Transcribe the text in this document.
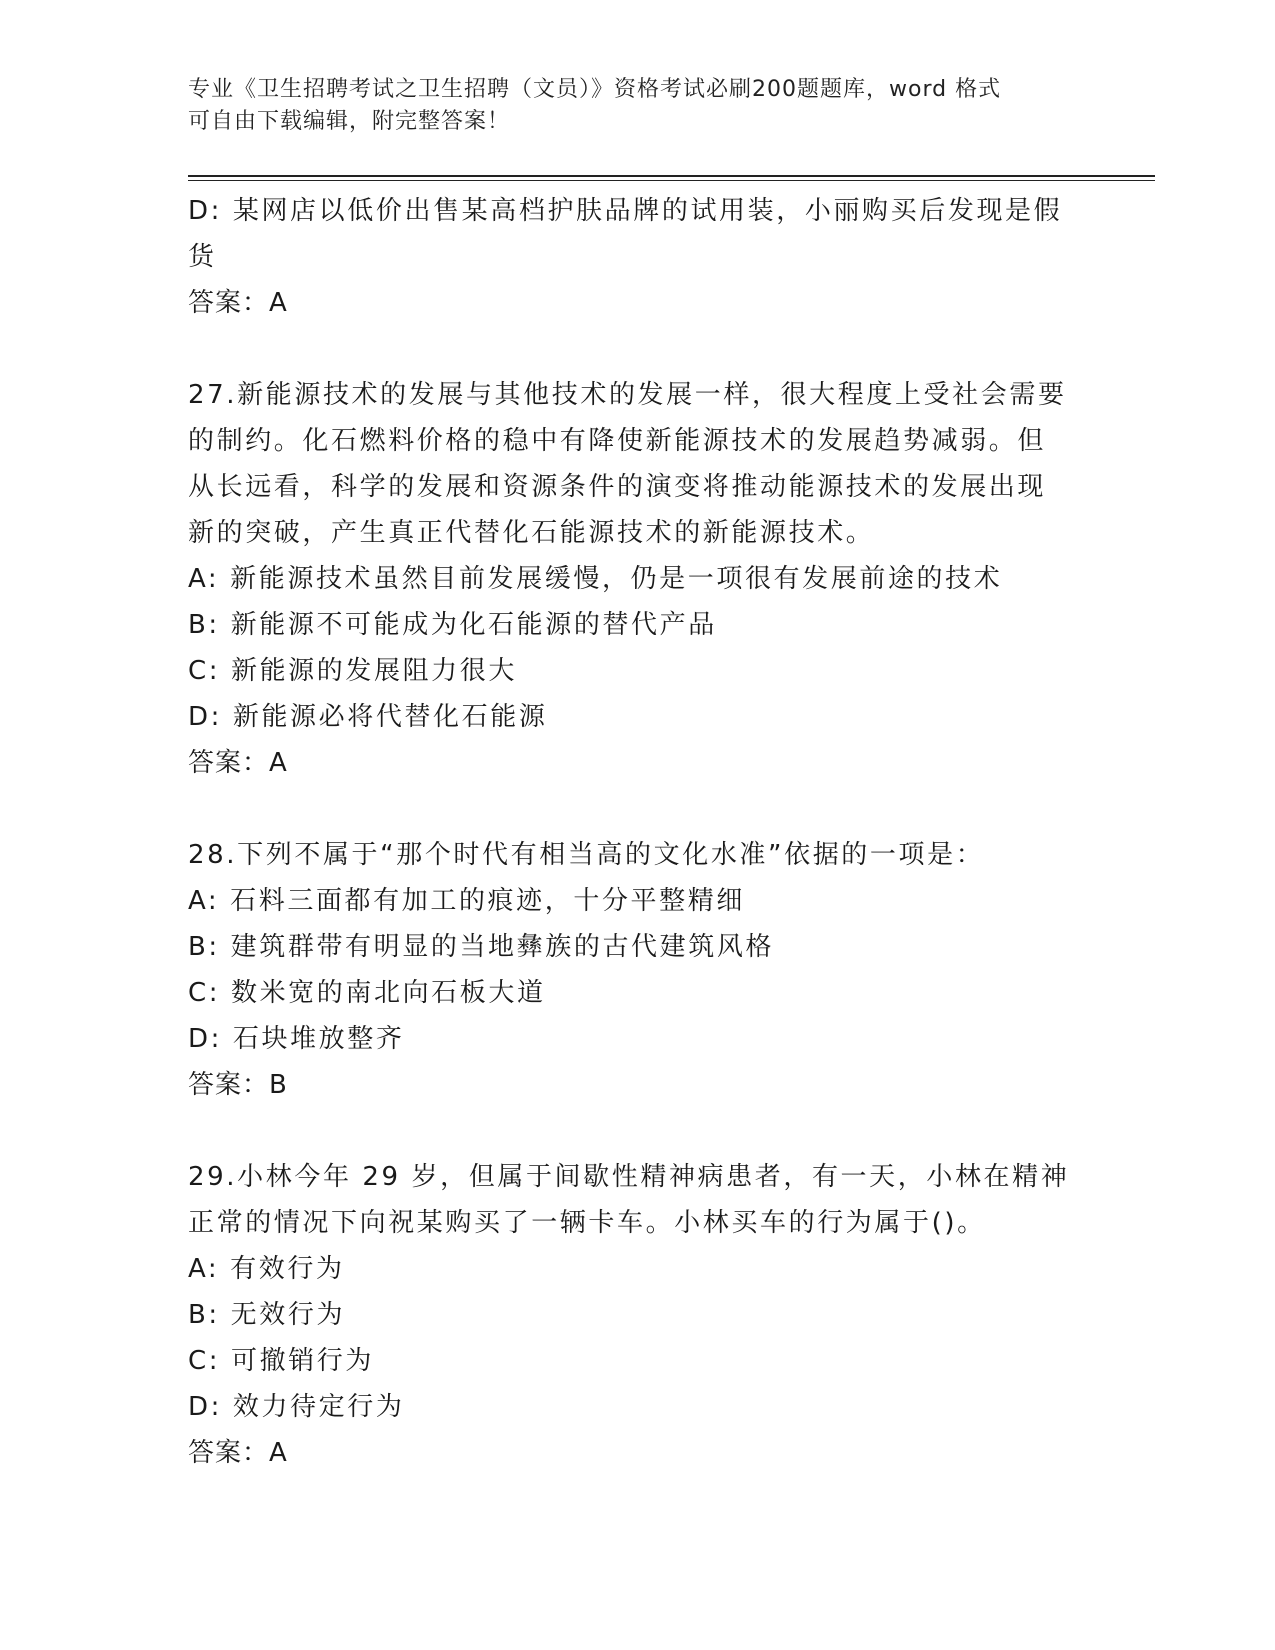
专业《卫生招聘考试之卫生招聘（文员）》资格考试必刷200题题库，word 格式
可自由下载编辑，附完整答案！

D: 某网店以低价出售某高档护肤品牌的试用装，小丽购买后发现是假

货

答案：A

27.新能源技术的发展与其他技术的发展一样，很大程度上受社会需要

的制约。化石燃料价格的稳中有降使新能源技术的发展趋势减弱。但

从长远看，科学的发展和资源条件的演变将推动能源技术的发展出现

新的突破，产生真正代替化石能源技术的新能源技术。

A: 新能源技术虽然目前发展缓慢，仍是一项很有发展前途的技术

B: 新能源不可能成为化石能源的替代产品

C: 新能源的发展阻力很大

D: 新能源必将代替化石能源

答案：A

28.下列不属于“那个时代有相当高的文化水准”依据的一项是：

A: 石料三面都有加工的痕迹，十分平整精细

B: 建筑群带有明显的当地彝族的古代建筑风格

C: 数米宽的南北向石板大道

D: 石块堆放整齐

答案：B

29.小林今年 29 岁，但属于间歇性精神病患者，有一天，小林在精神

正常的情况下向祝某购买了一辆卡车。小林买车的行为属于()。

A: 有效行为

B: 无效行为

C: 可撤销行为

D: 效力待定行为

答案：A
